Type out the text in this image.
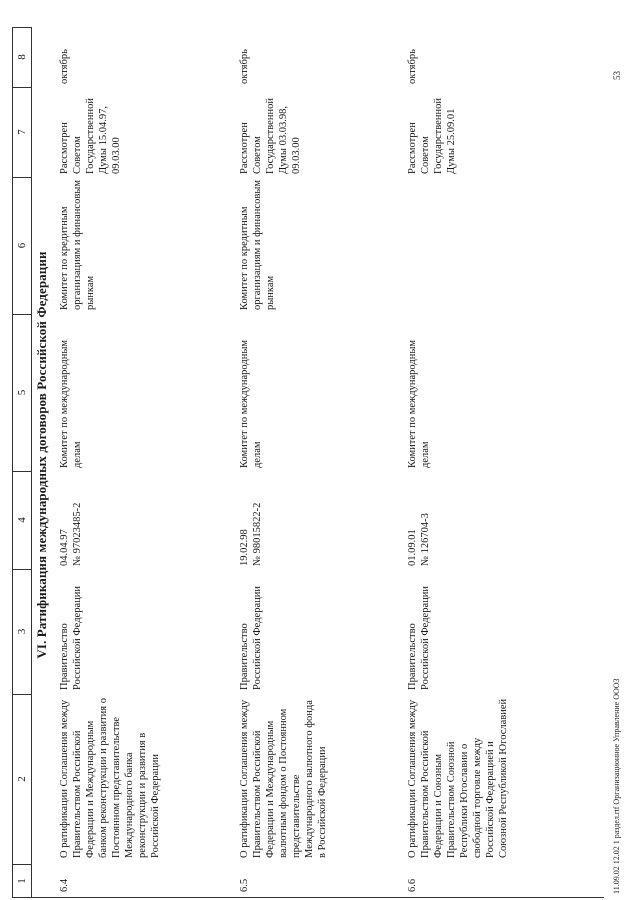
1
2
3
4
5
6
7
8
VI. Ратификация международных договоров Российской Федерации
6.4
О ратификации Соглашения между Правительством Российской Федерации и Международным банком реконструкции и развития о Постоянном представительстве Международного банка реконструкции и развития в Российской Федерации
Правительство Российской Федерации
04.04.97 № 97023485-2
Комитет по международным делам
Комитет по кредитным организациям и финансовым рынкам
Рассмотрен Советом Государственной Думы 15.04.97, 09.03.00
октябрь
6.5
О ратификации Соглашения между Правительством Российской Федерации и Международным валютным фондом о Постоянном представительстве Международного валютного фонда в Российской Федерации
Правительство Российской Федерации
19.02.98 № 98015822-2
Комитет по международным делам
Комитет по кредитным организациям и финансовым рынкам
Рассмотрен Советом Государственной Думы 03.03.98, 09.03.00
октябрь
6.6
О ратификации Соглашения между Правительством Российской Федерации и Союзным Правительством Союзной Республики Югославии о свободной торговле между Российской Федерацией и Союзной Республикой Югославией
Правительство Российской Федерации
01.09.01 № 126704-3
Комитет по международным делам
Рассмотрен Советом Государственной Думы 25.09.01
октябрь
11.09.02 12.02 1 раздел.rtf Организационное Управление ООО3
53
